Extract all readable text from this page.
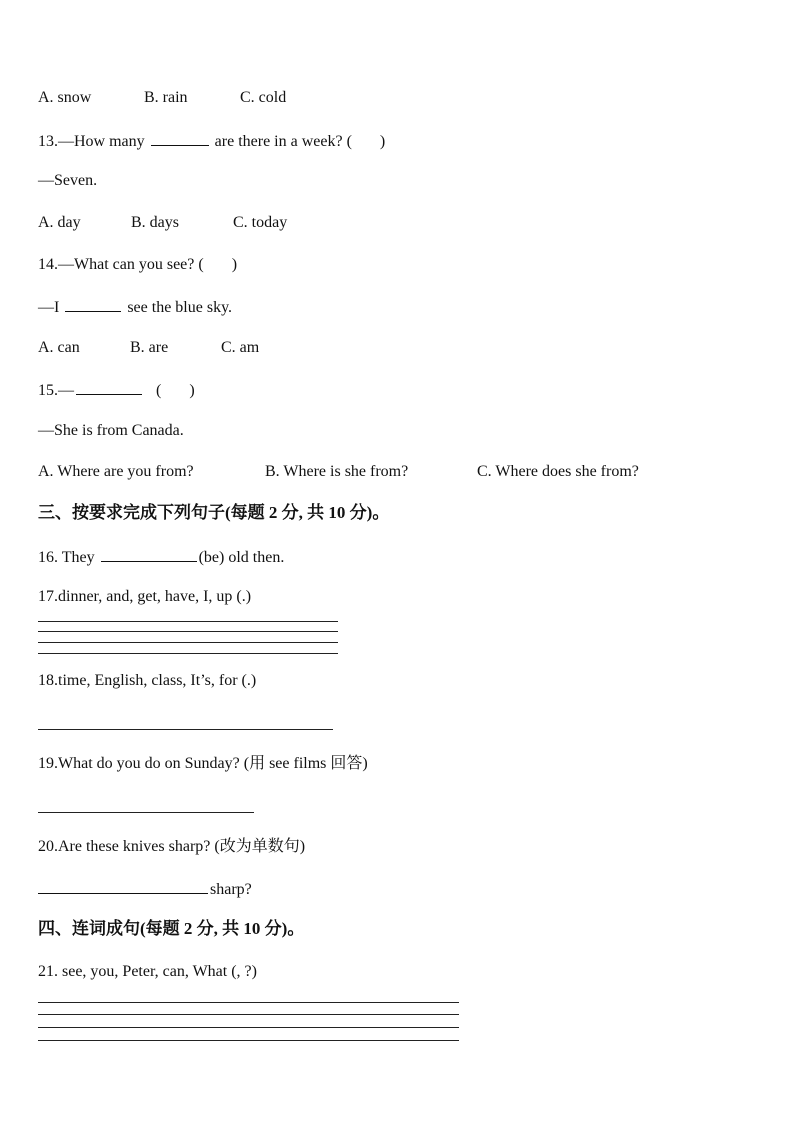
A. snow	B. rain	C. cold
13.—How many	are there in a week? ( )
—Seven.
A. day	B. days	C. today
14.—What can you see? ( )
—I	see the blue sky.
A. can	B. are	C. am
15.—	( )
—She is from Canada.
A. Where are you from?	B. Where is she from?	C. Where does she from?
三、按要求完成下列句子(每题 2 分, 共 10 分)。
16. They	(be) old then.
17.dinner, and, get, have, I, up (.)
18.time, English, class, It’s, for (.)
19.What do you do on Sunday? (用 see films 回答)
20.Are these knives sharp? (改为单数句)
sharp?
四、连词成句(每题 2 分, 共 10 分)。
21. see, you, Peter, can, What (, ?)
